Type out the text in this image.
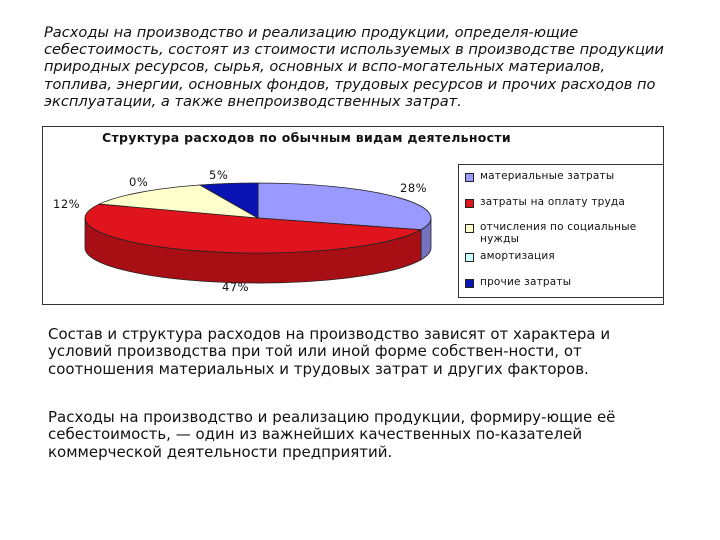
Расходы на производство и реализацию продукции, определя-ющие себестоимость, состоят из стоимости используемых в производстве продукции природных ресурсов, сырья, основных и вспо-могательных материалов, топлива, энергии, основных фондов, трудовых ресурсов и прочих расходов по эксплуатации, а также внепроизводственных затрат.

Структура расходов по обычным видам деятельности
28%
47%
12%
0%	5%	материальные затраты
затраты на оплату труда
отчисления по социальные нужды
амортизация
прочие затраты

Состав и структура расходов на производство зависят от характера и условий производства при той или иной форме собствен-ности, от соотношения материальных и трудовых затрат и других факторов.

Расходы на производство и реализацию продукции, формиру-ющие её себестоимость, — один из важнейших качественных по-казателей коммерческой деятельности предприятий.
